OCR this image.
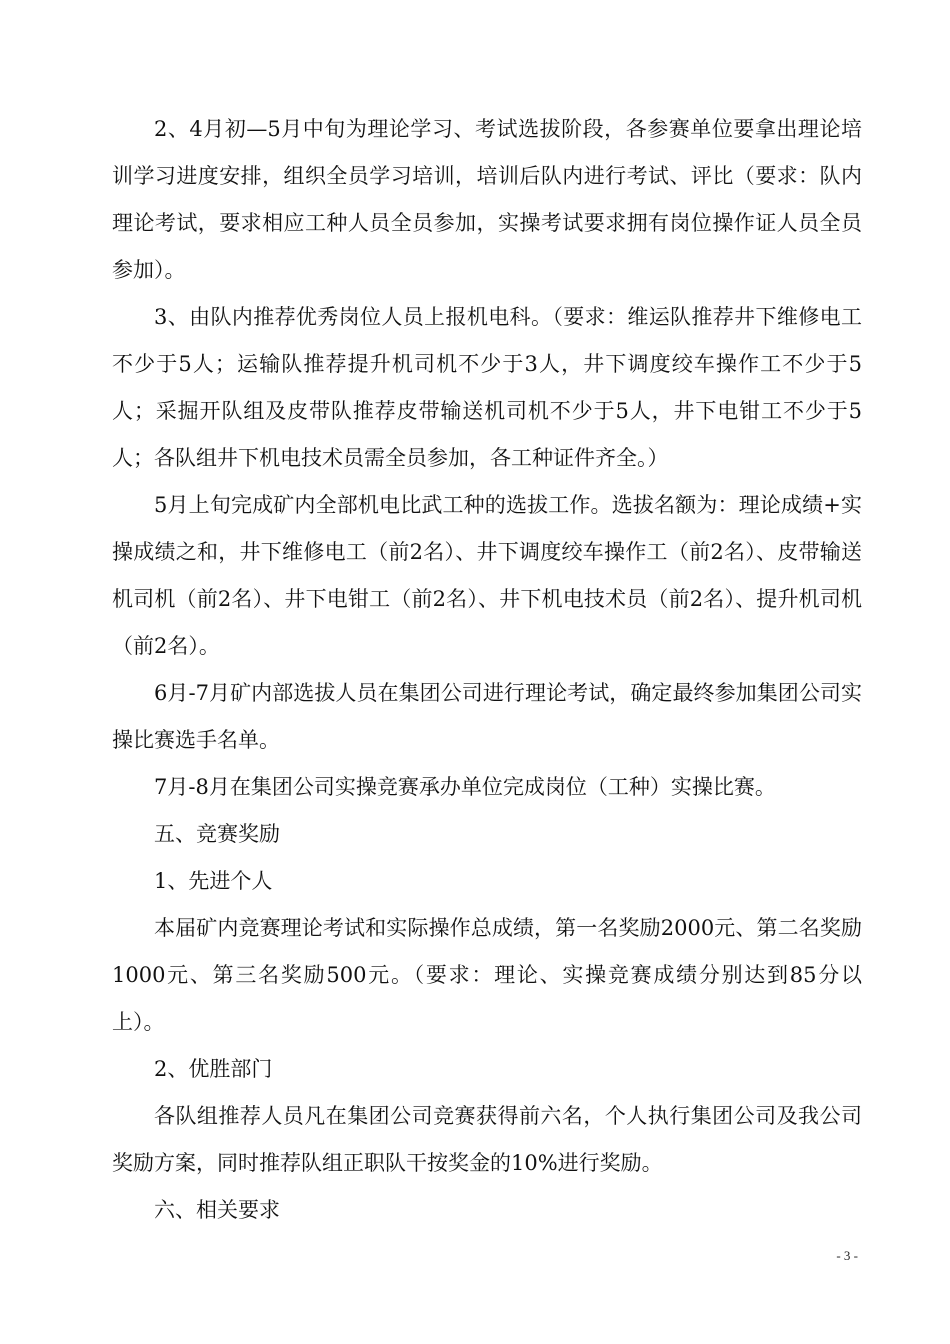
2、4月初—5月中旬为理论学习、考试选拔阶段，各参赛单位要拿出理论培训学习进度安排，组织全员学习培训，培训后队内进行考试、评比（要求：队内理论考试，要求相应工种人员全员参加，实操考试要求拥有岗位操作证人员全员参加）。

3、由队内推荐优秀岗位人员上报机电科。（要求：维运队推荐井下维修电工不少于5人；运输队推荐提升机司机不少于3人，井下调度绞车操作工不少于5人；采掘开队组及皮带队推荐皮带输送机司机不少于5人，井下电钳工不少于5人；各队组井下机电技术员需全员参加，各工种证件齐全。）

5月上旬完成矿内全部机电比武工种的选拔工作。选拔名额为：理论成绩+实操成绩之和，井下维修电工（前2名）、井下调度绞车操作工（前2名）、皮带输送机司机（前2名）、井下电钳工（前2名）、井下机电技术员（前2名）、提升机司机（前2名）。

6月-7月矿内部选拔人员在集团公司进行理论考试，确定最终参加集团公司实操比赛选手名单。

7月-8月在集团公司实操竞赛承办单位完成岗位（工种）实操比赛。

五、竞赛奖励

1、先进个人

本届矿内竞赛理论考试和实际操作总成绩，第一名奖励2000元、第二名奖励1000元、第三名奖励500元。（要求：理论、实操竞赛成绩分别达到85分以上）。

2、优胜部门

各队组推荐人员凡在集团公司竞赛获得前六名，个人执行集团公司及我公司奖励方案，同时推荐队组正职队干按奖金的10%进行奖励。

六、相关要求

- 3 -
